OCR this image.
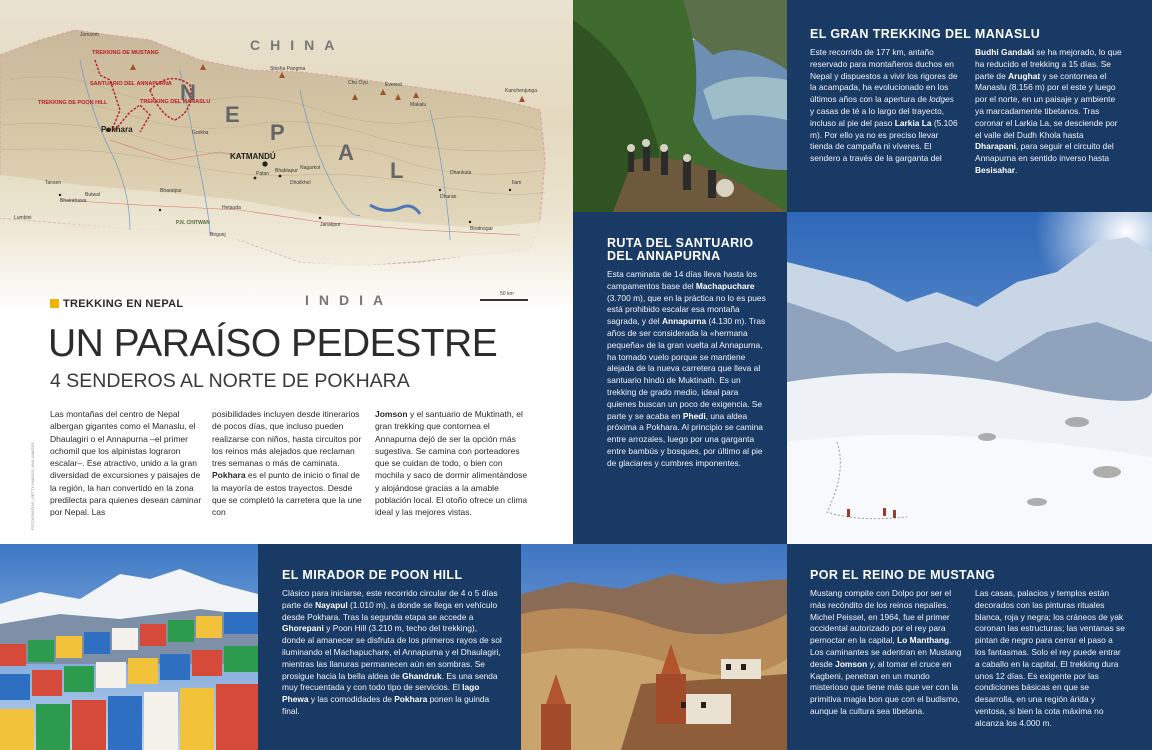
CHINA
INDIA
N
E
P
A
L
KATMANDÚ
Pokhara
TREKKING DE MUSTANG
TREKKING DE POON HILL
SANTUARIO DEL ANNAPURNA
TREKKING DEL MANASLU
Patan Bhaktapur
Gorkha
Bhairahawa
Butwal
Bharatpur
Hetauda
Birgunj
Janakpur
Biratnagar
Dharan
Ilam
Dhankuta
Lumbini
Tansen
Jomsom
Everest
Cho Oyu
Makalu
Kanchenjunga
Shisha Pangma
Dhulikhel
Nagarkot
P.N. CHITWAN
50 km
TREKKING EN NEPAL
UN PARAÍSO PEDESTRE
4 SENDEROS AL NORTE DE POKHARA
FOTOGRAFÍAS: GETTY IMAGES, AWL IMAGES
Las montañas del centro de Nepal albergan gigantes como el Manaslu, el Dhaulagiri o el Annapurna –el primer ochomil que los alpinistas lograron escalar–. Ese atractivo, unido a la gran diversidad de excursiones y paisajes de la región, la han convertido en la zona predilecta para quienes desean caminar por Nepal. Las
posibilidades incluyen desde itinerarios de pocos días, que incluso pueden realizarse con niños, hasta circuitos por los reinos más alejados que reclaman tres semanas o más de caminata.
Pokhara es el punto de inicio o final de la mayoría de estos trayectos. Desde que se completó la carretera que la une con
Jomson y el santuario de Muktinath, el gran trekking que contornea el Annapurna dejó de ser la opción más sugestiva. Se camina con porteadores que se cuidan de todo, o bien con mochila y saco de dormir alimentándose y alojándose gracias a la amable población local. El otoño ofrece un clima ideal y las mejores vistas.
EL GRAN TREKKING DEL MANASLU
Este recorrido de 177 km, antaño reservado para montañeros duchos en Nepal y dispuestos a vivir los rigores de la acampada, ha evolucionado en los últimos años con la apertura de lodges y casas de té a lo largo del trayecto, incluso al pie del paso Larkia La (5.106 m). Por ello ya no es preciso llevar tienda de campaña ni víveres. El sendero a través de la garganta del
Budhi Gandaki se ha mejorado, lo que ha reducido el trekking a 15 días. Se parte de Arughat y se contornea el Manaslu (8.156 m) por el este y luego por el norte, en un paisaje y ambiente ya marcadamente tibetanos. Tras coronar el Larkia La, se desciende por el valle del Dudh Khola hasta Dharapani, para seguir el circuito del Annapurna en sentido inverso hasta Besisahar.
RUTA DEL SANTUARIO
DEL ANNAPURNA
Esta caminata de 14 días lleva hasta los campamentos base del Machapuchare (3.700 m), que en la práctica no lo es pues está prohibido escalar esa montaña sagrada, y del Annapurna (4.130 m). Tras años de ser considerada la «hermana pequeña» de la gran vuelta al Annapurna, ha tomado vuelo porque se mantiene alejada de la nueva carretera que lleva al santuario hindú de Muktinath. Es un trekking de grado medio, ideal para quienes buscan un poco de exigencia. Se parte y se acaba en Phedi, una aldea próxima a Pokhara. Al principio se camina entre arrozales, luego por una garganta entre bambús y bosques, por último al pie de glaciares y cumbres imponentes.
EL MIRADOR DE POON HILL
Clásico para iniciarse, este recorrido circular de 4 o 5 días parte de Nayapul (1.010 m), a donde se llega en vehículo desde Pokhara. Tras la segunda etapa se accede a Ghorepani y Poon Hill (3.210 m, techo del trekking), donde al amanecer se disfruta de los primeros rayos de sol iluminando el Machapuchare, el Annapurna y el Dhaulagiri, mientras las llanuras permanecen aún en sombras. Se prosigue hacia la bella aldea de Ghandruk. Es una senda muy frecuentada y con todo tipo de servicios. El lago Phewa y las comodidades de Pokhara ponen la guinda final.
POR EL REINO DE MUSTANG
Mustang compite con Dolpo por ser el más recóndito de los reinos nepalíes. Michel Peissel, en 1964, fue el primer occidental autorizado por el rey para pernoctar en la capital, Lo Manthang. Los caminantes se adentran en Mustang desde Jomson y, al tomar el cruce en Kagbeni, penetran en un mundo misterioso que tiene más que ver con la primitiva magia bon que con el budismo, aunque la cultura sea tibetana.
Las casas, palacios y templos están decorados con las pinturas rituales blanca, roja y negra; los cráneos de yak coronan las estructuras; las ventanas se pintan de negro para cerrar el paso a los fantasmas. Solo el rey puede entrar a caballo en la capital. El trekking dura unos 12 días. Es exigente por las condiciones básicas en que se desarrolla, en una región árida y ventosa, si bien la cota máxima no alcanza los 4.000 m.
